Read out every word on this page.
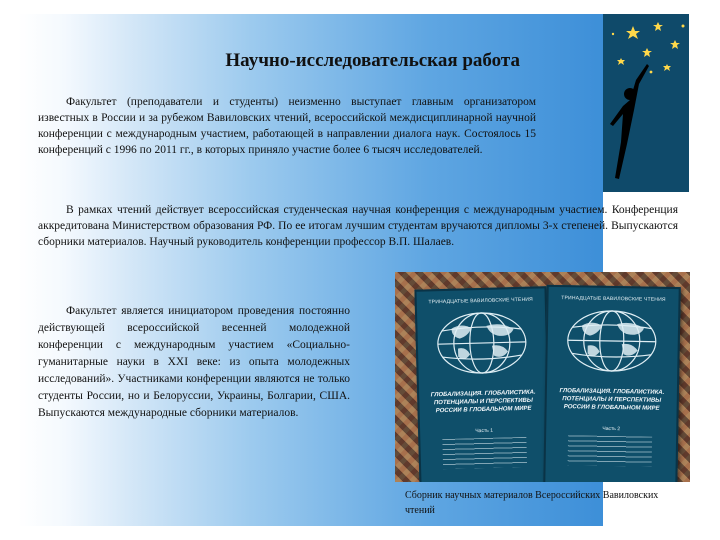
Научно-исследовательская работа
Факультет (преподаватели и студенты) неизменно выступает главным организатором известных в России и за рубежом Вавиловских чтений, всероссийской междисциплинарной научной конференции с международным участием, работающей в направлении диалога наук. Состоялось 15 конференций с 1996 по 2011 гг., в которых приняло участие более 6 тысяч исследователей.
В рамках чтений действует всероссийская студенческая научная конференция с международным участием. Конференция аккредитована Министерством образования РФ. По ее итогам лучшим студентам вручаются дипломы 3-х степеней. Выпускаются сборники материалов. Научный руководитель конференции профессор В.П. Шалаев.
Факультет является инициатором проведения постоянно действующей всероссийской весенней молодежной конференции с международным участием «Социально-гуманитарные науки в XXI веке: из опыта молодежных исследований». Участниками конференции являются не только студенты России, но и Белоруссии, Украины, Болгарии, США. Выпускаются международные сборники материалов.
ТРИНАДЦАТЫЕ ВАВИЛОВСКИЕ ЧТЕНИЯ
ГЛОБАЛИЗАЦИЯ. ГЛОБАЛИСТИКА. ПОТЕНЦИАЛЫ И ПЕРСПЕКТИВЫ РОССИИ В ГЛОБАЛЬНОМ МИРЕ
Часть 1
ТРИНАДЦАТЫЕ ВАВИЛОВСКИЕ ЧТЕНИЯ
ГЛОБАЛИЗАЦИЯ. ГЛОБАЛИСТИКА. ПОТЕНЦИАЛЫ И ПЕРСПЕКТИВЫ РОССИИ В ГЛОБАЛЬНОМ МИРЕ
Часть 2
Сборник научных материалов Всероссийских Вавиловских чтений
